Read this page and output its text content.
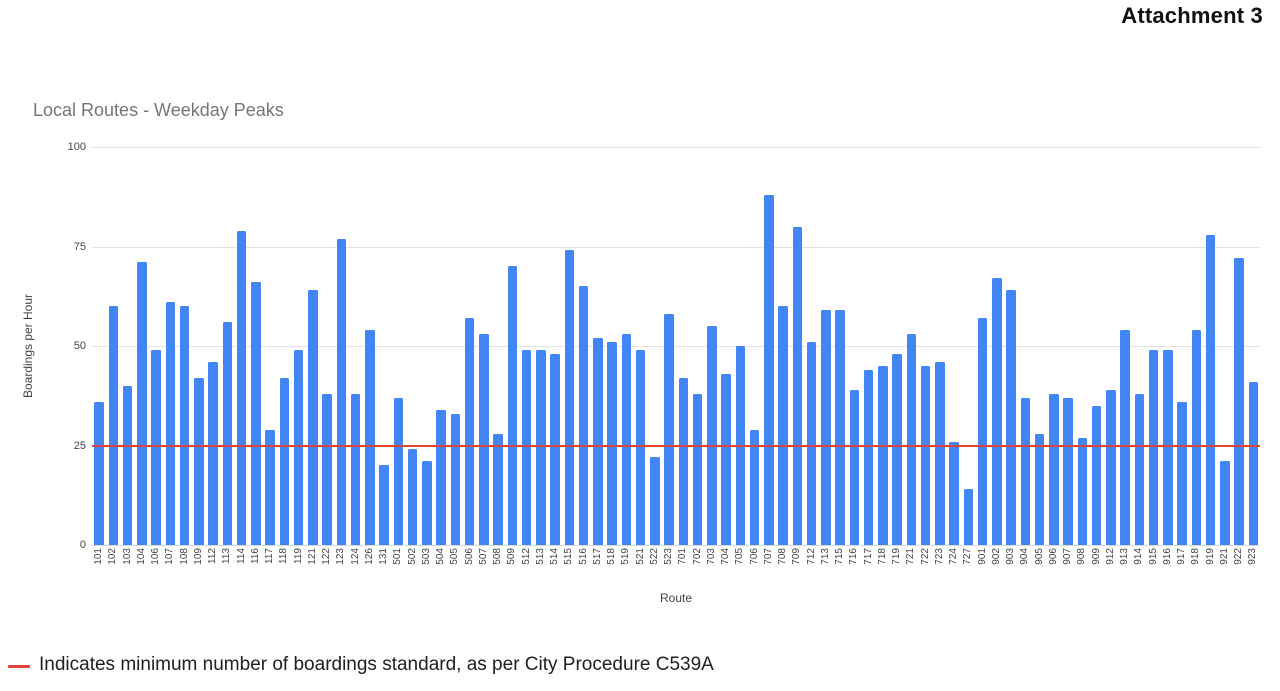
Attachment 3
Local Routes - Weekday Peaks
Boardings per Hour
0
25
50
75
100
101 102 103 104 106 107 108 109 112 113 114 116 117 118 119 121 122 123 124 126 131 501 502 503 504 505 506 507 508 509 512 513 514 515 516 517 518 519 521 522 523 701 702 703 704 705 706 707 708 709 712 713 715 716 717 718 719 721 722 723 724 727 901 902 903 904 905 906 907 908 909 912 913 914 915 916 917 918 919 921 922 923
Route
Indicates minimum number of boardings standard, as per City Procedure C539A
